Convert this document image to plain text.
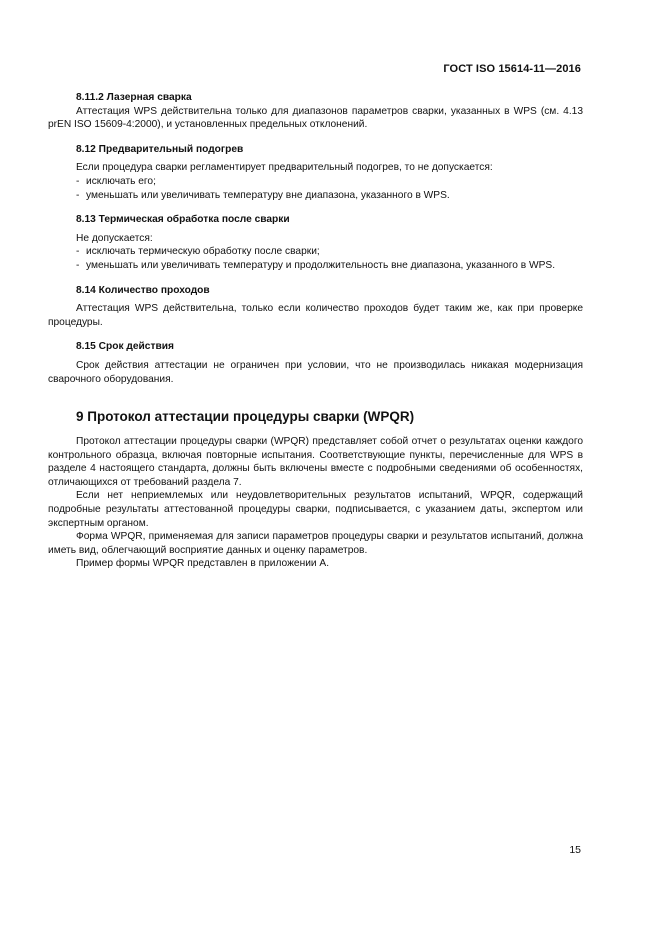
ГОСТ ISO 15614-11—2016
8.11.2 Лазерная сварка

Аттестация WPS действительна только для диапазонов параметров сварки, указанных в WPS (см. 4.13 prEN ISO 15609-4:2000), и установленных предельных отклонений.

8.12 Предварительный подогрев

Если процедура сварки регламентирует предварительный подогрев, то не допускается:

- исключать его;
- уменьшать или увеличивать температуру вне диапазона, указанного в WPS.
8.13 Термическая обработка после сварки

Не допускается:

- исключать термическую обработку после сварки;
- уменьшать или увеличивать температуру и продолжительность вне диапазона, указанного в WPS.
8.14 Количество проходов

Аттестация WPS действительна, только если количество проходов будет таким же, как при проверке процедуры.

8.15 Срок действия

Срок действия аттестации не ограничен при условии, что не производилась никакая модернизация сварочного оборудования.

9 Протокол аттестации процедуры сварки (WPQR)

Протокол аттестации процедуры сварки (WPQR) представляет собой отчет о результатах оценки каждого контрольного образца, включая повторные испытания. Соответствующие пункты, перечисленные для WPS в разделе 4 настоящего стандарта, должны быть включены вместе с подробными сведениями об особенностях, отличающихся от требований раздела 7.

Если нет неприемлемых или неудовлетворительных результатов испытаний, WPQR, содержащий подробные результаты аттестованной процедуры сварки, подписывается, с указанием даты, экспертом или экспертным органом.

Форма WPQR, применяемая для записи параметров процедуры сварки и результатов испытаний, должна иметь вид, облегчающий восприятие данных и оценку параметров.

Пример формы WPQR представлен в приложении А.

15
